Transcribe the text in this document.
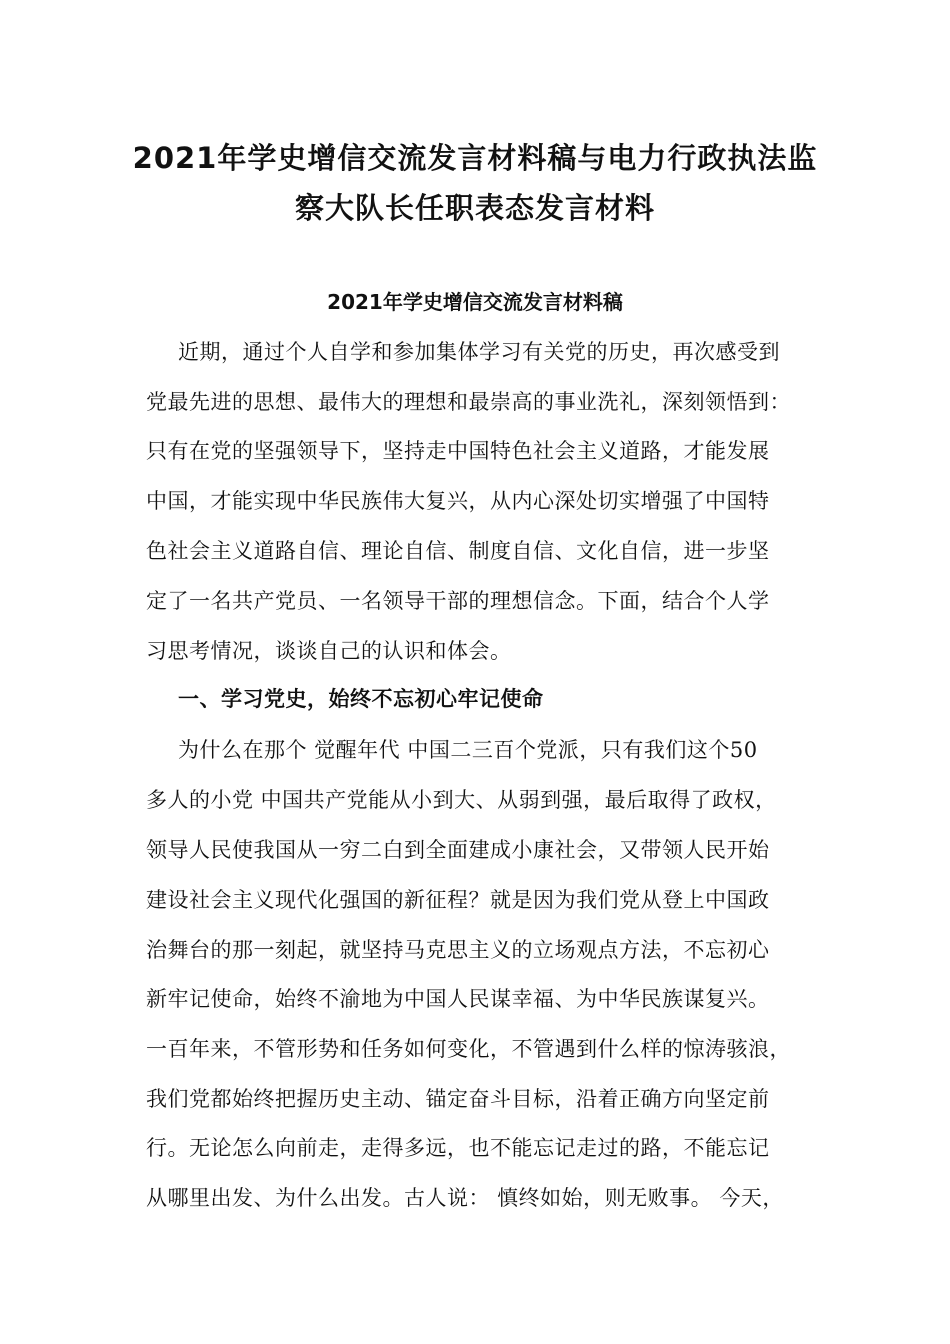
2021年学史增信交流发言材料稿与电力行政执法监
察大队长任职表态发言材料
2021年学史增信交流发言材料稿
近期，通过个人自学和参加集体学习有关党的历史，再次感受到
党最先进的思想、最伟大的理想和最崇高的事业洗礼，深刻领悟到：
只有在党的坚强领导下，坚持走中国特色社会主义道路，才能发展
中国，才能实现中华民族伟大复兴，从内心深处切实增强了中国特
色社会主义道路自信、理论自信、制度自信、文化自信，进一步坚
定了一名共产党员、一名领导干部的理想信念。下面，结合个人学
习思考情况，谈谈自己的认识和体会。
一、学习党史，始终不忘初心牢记使命
为什么在那个 觉醒年代 中国二三百个党派，只有我们这个50
多人的小党 中国共产党能从小到大、从弱到强，最后取得了政权，
领导人民使我国从一穷二白到全面建成小康社会，又带领人民开始
建设社会主义现代化强国的新征程？就是因为我们党从登上中国政
治舞台的那一刻起，就坚持马克思主义的立场观点方法，不忘初心
新牢记使命，始终不渝地为中国人民谋幸福、为中华民族谋复兴。
一百年来，不管形势和任务如何变化，不管遇到什么样的惊涛骇浪，
我们党都始终把握历史主动、锚定奋斗目标，沿着正确方向坚定前
行。无论怎么向前走，走得多远，也不能忘记走过的路，不能忘记
从哪里出发、为什么出发。古人说： 慎终如始，则无败事。 今天，
